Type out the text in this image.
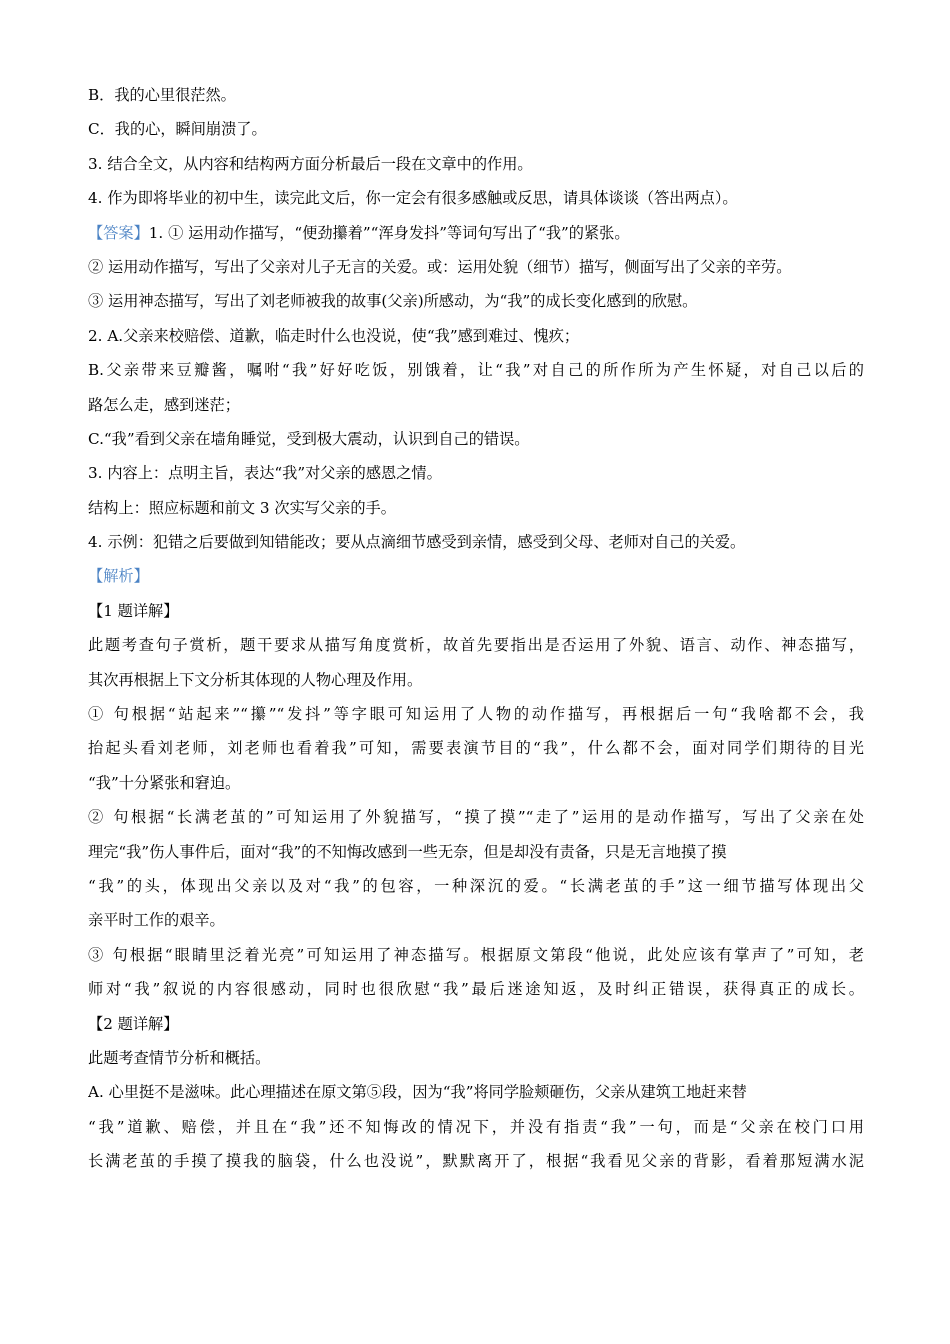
B．我的心里很茫然。
C．我的心，瞬间崩溃了。
3. 结合全文，从内容和结构两方面分析最后一段在文章中的作用。
4. 作为即将毕业的初中生，读完此文后，你一定会有很多感触或反思，请具体谈谈（答出两点）。
【答案】1. ① 运用动作描写，“便劲攥着”“浑身发抖”等词句写出了“我”的紧张。
② 运用动作描写，写出了父亲对儿子无言的关爱。或：运用处貌（细节）描写，侧面写出了父亲的辛劳。
③ 运用神态描写，写出了刘老师被我的故事(父亲)所感动，为“我”的成长变化感到的欣慰。
2. A.父亲来校赔偿、道歉，临走时什么也没说，使“我”感到难过、愧疚；
B.父亲带来豆瓣酱，嘱咐“我”好好吃饭，别饿着，让“我”对自己的所作所为产生怀疑，对自己以后的
路怎么走，感到迷茫；
C.“我”看到父亲在墙角睡觉，受到极大震动，认识到自己的错误。
3. 内容上：点明主旨，表达“我”对父亲的感恩之情。
结构上：照应标题和前文 3 次实写父亲的手。
4. 示例：犯错之后要做到知错能改；要从点滴细节感受到亲情，感受到父母、老师对自己的关爱。
【解析】
【1 题详解】
此题考查句子赏析，题干要求从描写角度赏析，故首先要指出是否运用了外貌、语言、动作、神态描写，
其次再根据上下文分析其体现的人物心理及作用。
① 句根据“站起来”“攥”“发抖”等字眼可知运用了人物的动作描写，再根据后一句“我啥都不会，我
抬起头看刘老师，刘老师也看着我”可知，需要表演节目的“我”，什么都不会，面对同学们期待的目光
“我”十分紧张和窘迫。
② 句根据“长满老茧的”可知运用了外貌描写，“摸了摸”“走了”运用的是动作描写，写出了父亲在处
理完“我”伤人事件后，面对“我”的不知悔改感到一些无奈，但是却没有责备，只是无言地摸了摸
“我”的头，体现出父亲以及对“我”的包容，一种深沉的爱。“长满老茧的手”这一细节描写体现出父
亲平时工作的艰辛。
③ 句根据“眼睛里泛着光亮”可知运用了神态描写。根据原文第段“他说，此处应该有掌声了”可知，老
师对“我”叙说的内容很感动，同时也很欣慰“我”最后迷途知返，及时纠正错误，获得真正的成长。
【2 题详解】
此题考查情节分析和概括。
A. 心里挺不是滋味。此心理描述在原文第⑤段，因为“我”将同学脸颊砸伤，父亲从建筑工地赶来替
“我”道歉、赔偿，并且在“我”还不知悔改的情况下，并没有指责“我”一句，而是“父亲在校门口用
长满老茧的手摸了摸我的脑袋，什么也没说”，默默离开了，根据“我看见父亲的背影，看着那短满水泥
